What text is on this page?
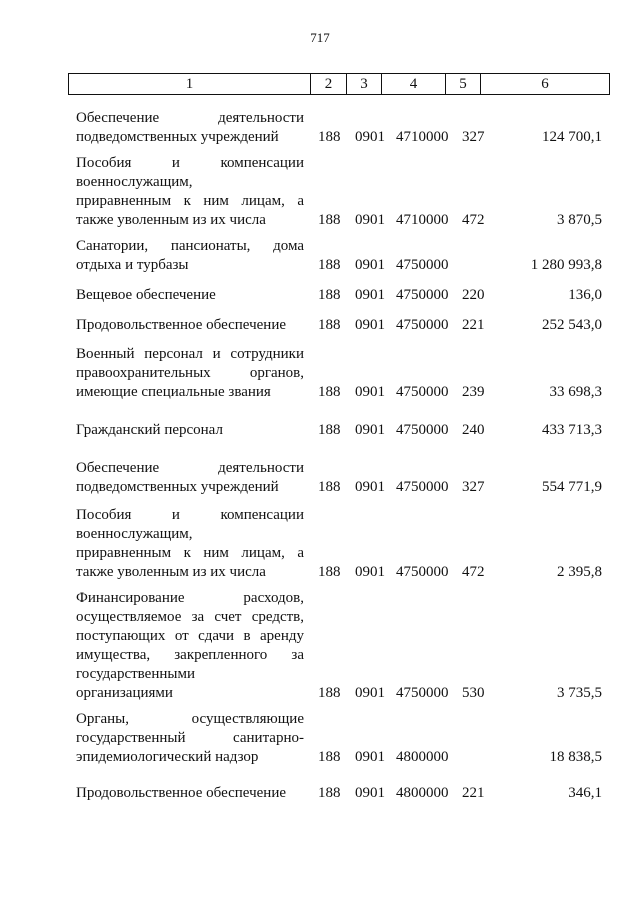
717
1	2	3	4	5	6
Обеспечение деятельности
подведомственных учреждений	188 0901 4710000 327	124 700,1
Пособия и компенсации
военнослужащим,
приравненным к ним лицам, а
также уволенным из их числа	188 0901 4710000 472	3 870,5
Санатории, пансионаты, дома
отдыха и турбазы	188 0901 4750000	1 280 993,8
Вещевое обеспечение	188 0901 4750000 220	136,0
Продовольственное обеспечение	188 0901 4750000 221	252 543,0
Военный персонал и сотрудники
правоохранительных органов,
имеющие специальные звания	188 0901 4750000 239	33 698,3
Гражданский персонал	188 0901 4750000 240	433 713,3
Обеспечение деятельности
подведомственных учреждений	188 0901 4750000 327	554 771,9
Пособия и компенсации
военнослужащим,
приравненным к ним лицам, а
также уволенным из их числа	188 0901 4750000 472	2 395,8
Финансирование расходов,
осуществляемое за счет средств,
поступающих от сдачи в аренду
имущества, закрепленного за
государственными
организациями	188 0901 4750000 530	3 735,5
Органы, осуществляющие
государственный санитарно-
эпидемиологический надзор	188 0901 4800000	18 838,5
Продовольственное обеспечение	188 0901 4800000 221	346,1
